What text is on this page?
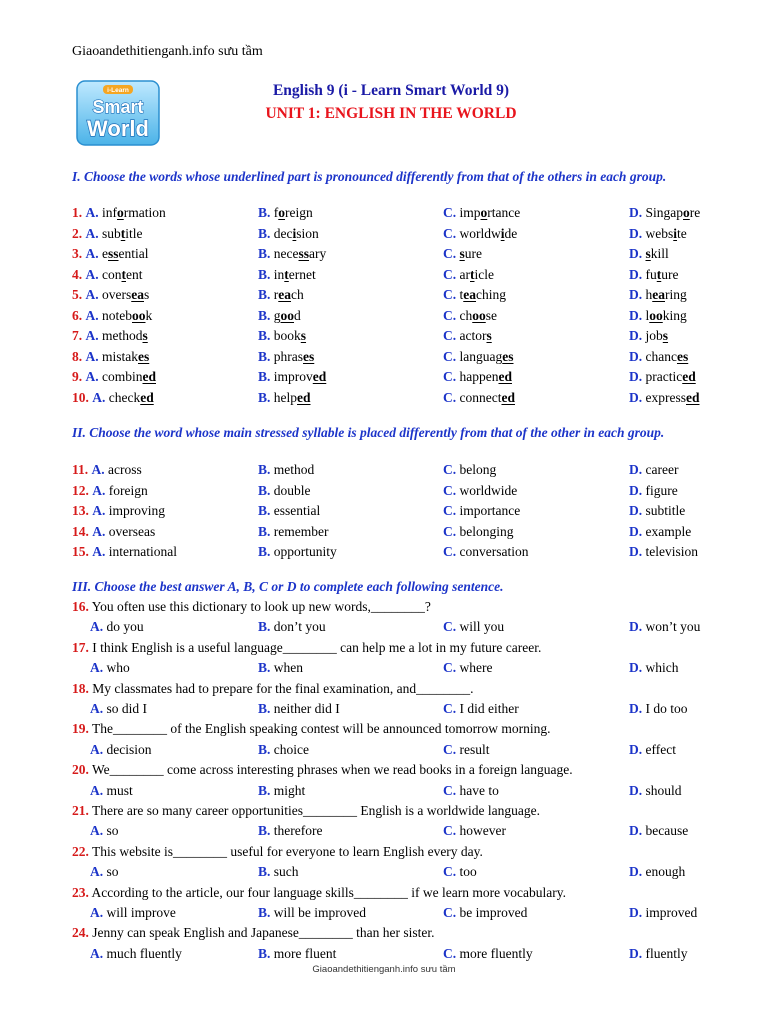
Giaoandethitienganh.info sưu tầm
i-Learn
Smart
World
English 9 (i - Learn Smart World 9)
UNIT 1: ENGLISH IN THE WORLD
I. Choose the words whose underlined part is pronounced differently from that of the others in each group.
1. A. information	B. foreign	C. importance	D. Singapore
2. A. subtitle	B. decision	C. worldwide	D. website
3. A. essential	B. necessary	C. sure	D. skill
4. A. content	B. internet	C. article	D. future
5. A. overseas	B. reach	C. teaching	D. hearing
6. A. notebook	B. good	C. choose	D. looking
7. A. methods	B. books	C. actors	D. jobs
8. A. mistakes	B. phrases	C. languages	D. chances
9. A. combined	B. improved	C. happened	D. practiced
10. A. checked	B. helped	C. connected	D. expressed
II. Choose the word whose main stressed syllable is placed differently from that of the other in each group.
11. A. across	B. method	C. belong	D. career
12. A. foreign	B. double	C. worldwide	D. figure
13. A. improving	B. essential	C. importance	D. subtitle
14. A. overseas	B. remember	C. belonging	D. example
15. A. international	B. opportunity	C. conversation	D. television
III. Choose the best answer A, B, C or D to complete each following sentence.
16. You often use this dictionary to look up new words,________?
A. do you	B. don’t you	C. will you	D. won’t you
17. I think English is a useful language________ can help me a lot in my future career.
A. who	B. when	C. where	D. which
18. My classmates had to prepare for the final examination, and________.
A. so did I	B. neither did I	C. I did either	D. I do too
19. The________ of the English speaking contest will be announced tomorrow morning.
A. decision	B. choice	C. result	D. effect
20. We________ come across interesting phrases when we read books in a foreign language.
A. must	B. might	C. have to	D. should
21. There are so many career opportunities________ English is a worldwide language.
A. so	B. therefore	C. however	D. because
22. This website is________ useful for everyone to learn English every day.
A. so	B. such	C. too	D. enough
23. According to the article, our four language skills________ if we learn more vocabulary.
A. will improve	B. will be improved	C. be improved	D. improved
24. Jenny can speak English and Japanese________ than her sister.
A. much fluently	B. more fluent	C. more fluently	D. fluently
Giaoandethitienganh.info sưu tầm
